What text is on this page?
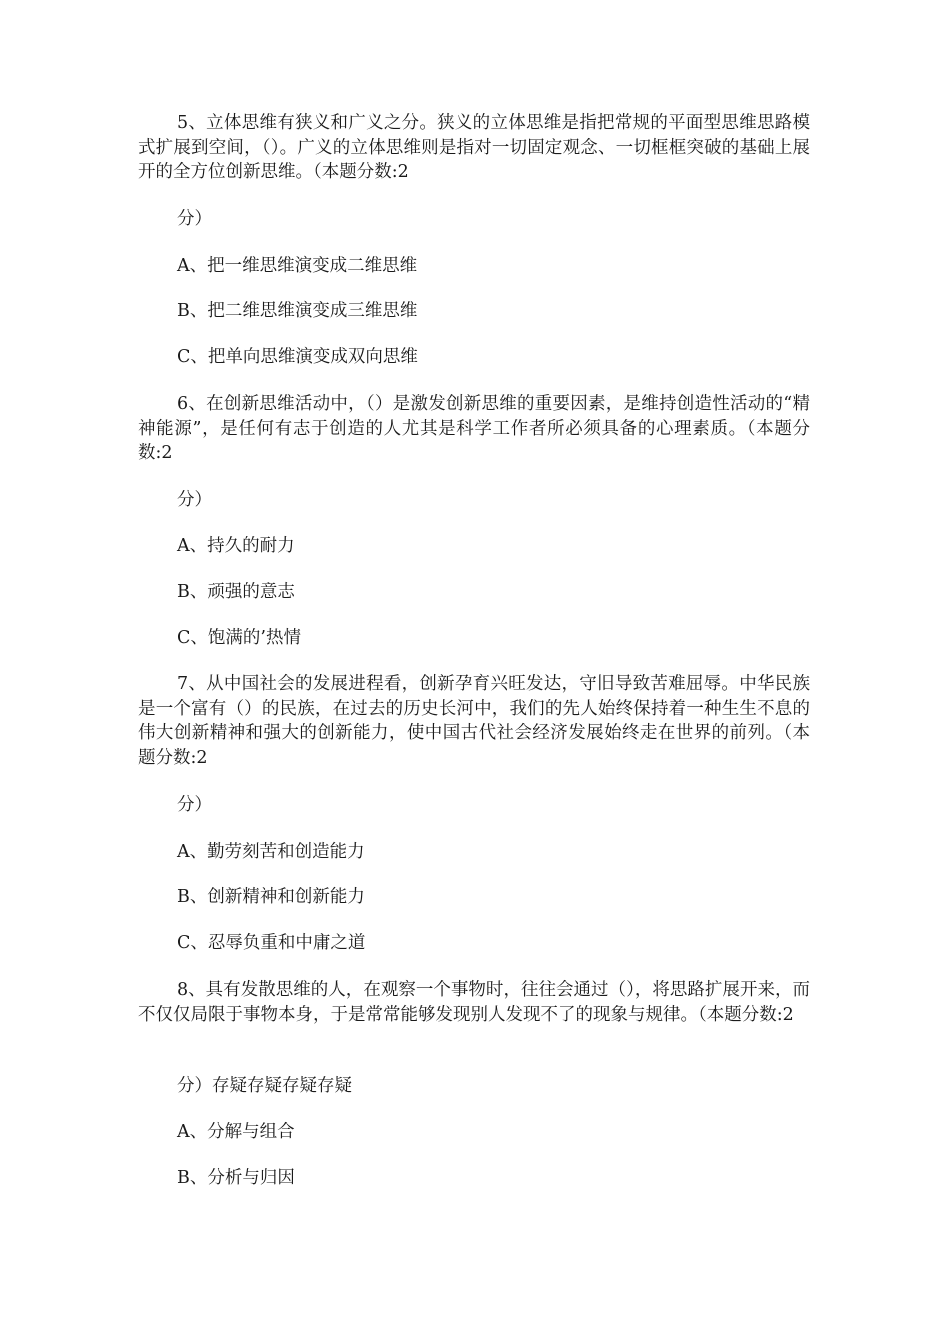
5、立体思维有狭义和广义之分。狭义的立体思维是指把常规的平面型思维思路模式扩展到空间，（）。广义的立体思维则是指对一切固定观念、一切框框突破的基础上展开的全方位创新思维。（本题分数:2

分）

A、把一维思维演变成二维思维

B、把二维思维演变成三维思维

C、把单向思维演变成双向思维

6、在创新思维活动中，（）是激发创新思维的重要因素，是维持创造性活动的“精神能源”，是任何有志于创造的人尤其是科学工作者所必须具备的心理素质。（本题分数:2

分）

A、持久的耐力

B、顽强的意志

C、饱满的’热情

7、从中国社会的发展进程看，创新孕育兴旺发达，守旧导致苦难屈辱。中华民族是一个富有（）的民族，在过去的历史长河中，我们的先人始终保持着一种生生不息的伟大创新精神和强大的创新能力，使中国古代社会经济发展始终走在世界的前列。（本题分数:2

分）

A、勤劳刻苦和创造能力

B、创新精神和创新能力

C、忍辱负重和中庸之道

8、具有发散思维的人，在观察一个事物时，往往会通过（），将思路扩展开来，而不仅仅局限于事物本身，于是常常能够发现别人发现不了的现象与规律。（本题分数:2

分）存疑存疑存疑存疑

A、分解与组合

B、分析与归因
